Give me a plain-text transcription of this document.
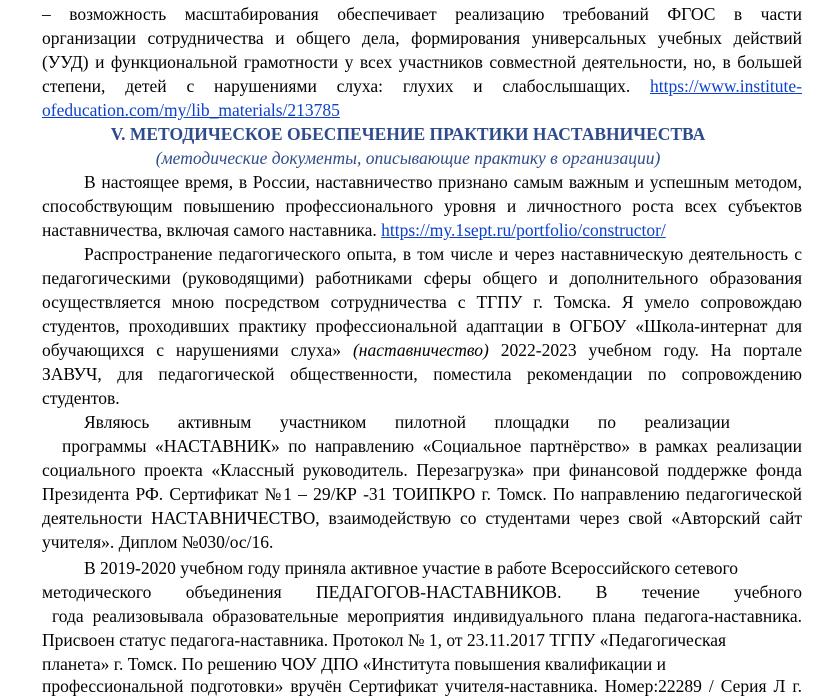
– возможность масштабирования обеспечивает реализацию требований ФГОС в части
организации сотрудничества и общего дела, формирования универсальных учебных действий
(УУД) и функциональной грамотности у всех участников совместной деятельности, но, в большей
степени, детей с нарушениями слуха: глухих и слабослышащих. https://www.institute-
ofeducation.com/my/lib_materials/213785
V. МЕТОДИЧЕСКОЕ ОБЕСПЕЧЕНИЕ ПРАКТИКИ НАСТАВНИЧЕСТВА
(методические документы, описывающие практику в организации)
В настоящее время, в России, наставничество признано самым важным и успешным методом,
способствующим повышению профессионального уровня и личностного роста всех субъектов
наставничества, включая самого наставника. https://my.1sept.ru/portfolio/constructor/
Распространение педагогического опыта, в том числе и через наставническую деятельность с
педагогическими (руководящими) работниками сферы общего и дополнительного образования
осуществляется мною посредством сотрудничества с ТГПУ г. Томска. Я умело сопровождаю
студентов, проходивших практику профессиональной адаптации в ОГБОУ «Школа-интернат для
обучающихся с нарушениями слуха» (наставничество) 2022-2023 учебном году. На портале
ЗАВУЧ, для педагогической общественности, поместила рекомендации по сопровождению
студентов.
Являюсь активным участником пилотной площадки по реализации
программы «НАСТАВНИК» по направлению «Социальное партнёрство» в рамках реализации
социального проекта «Классный руководитель. Перезагрузка» при финансовой поддержке фонда
Президента РФ. Сертификат №1 – 29/КР -31 ТОИПКРО г. Томск. По направлению педагогической
деятельности НАСТАВНИЧЕСТВО, взаимодействую со студентами через свой «Авторский сайт
учителя». Диплом №030/ос/16.
В 2019-2020 учебном году приняла активное участие в работе Всероссийского сетевого
методического объединения ПЕДАГОГОВ-НАСТАВНИКОВ. В течение учебного
года реализовывала образовательные мероприятия индивидуального плана педагога-наставника.
Присвоен статус педагога-наставника. Протокол № 1, от 23.11.2017 ТГПУ «Педагогическая
планета» г. Томск. По решению ЧОУ ДПО «Института повышения квалификации и
профессиональной подготовки» вручён Сертификат учителя-наставника. Номер:22289 / Серия Л г.
